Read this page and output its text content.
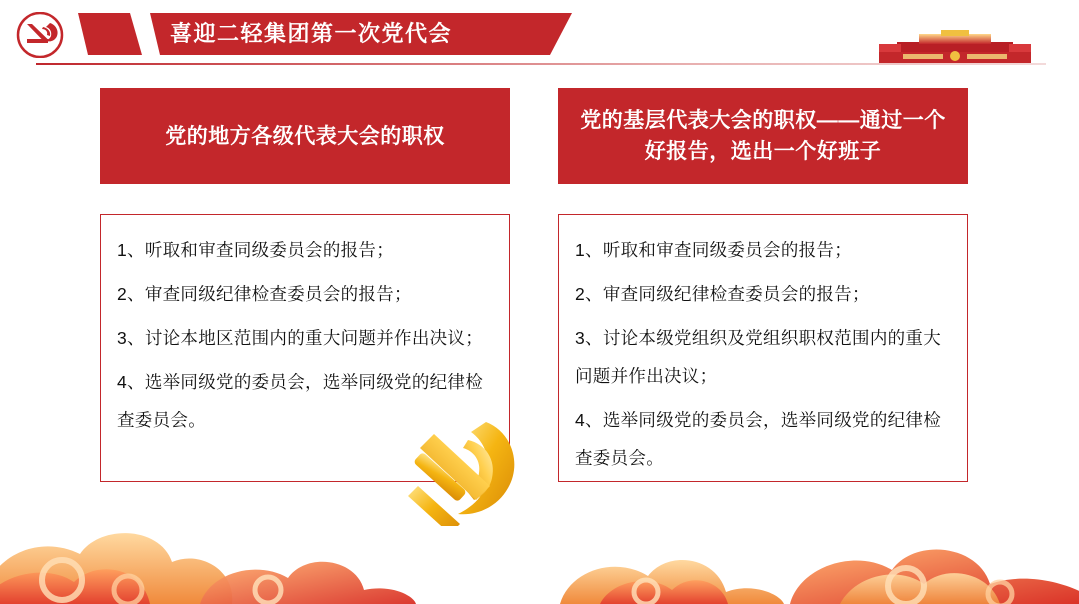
喜迎二轻集团第一次党代会
党的地方各级代表大会的职权

1、听取和审查同级委员会的报告；

2、审查同级纪律检查委员会的报告；

3、讨论本地区范围内的重大问题并作出决议；

4、选举同级党的委员会，选举同级党的纪律检查委员会。

党的基层代表大会的职权——通过一个好报告，选出一个好班子

1、听取和审查同级委员会的报告；

2、审查同级纪律检查委员会的报告；

3、讨论本级党组织及党组织职权范围内的重大问题并作出决议；

4、选举同级党的委员会，选举同级党的纪律检查委员会。
